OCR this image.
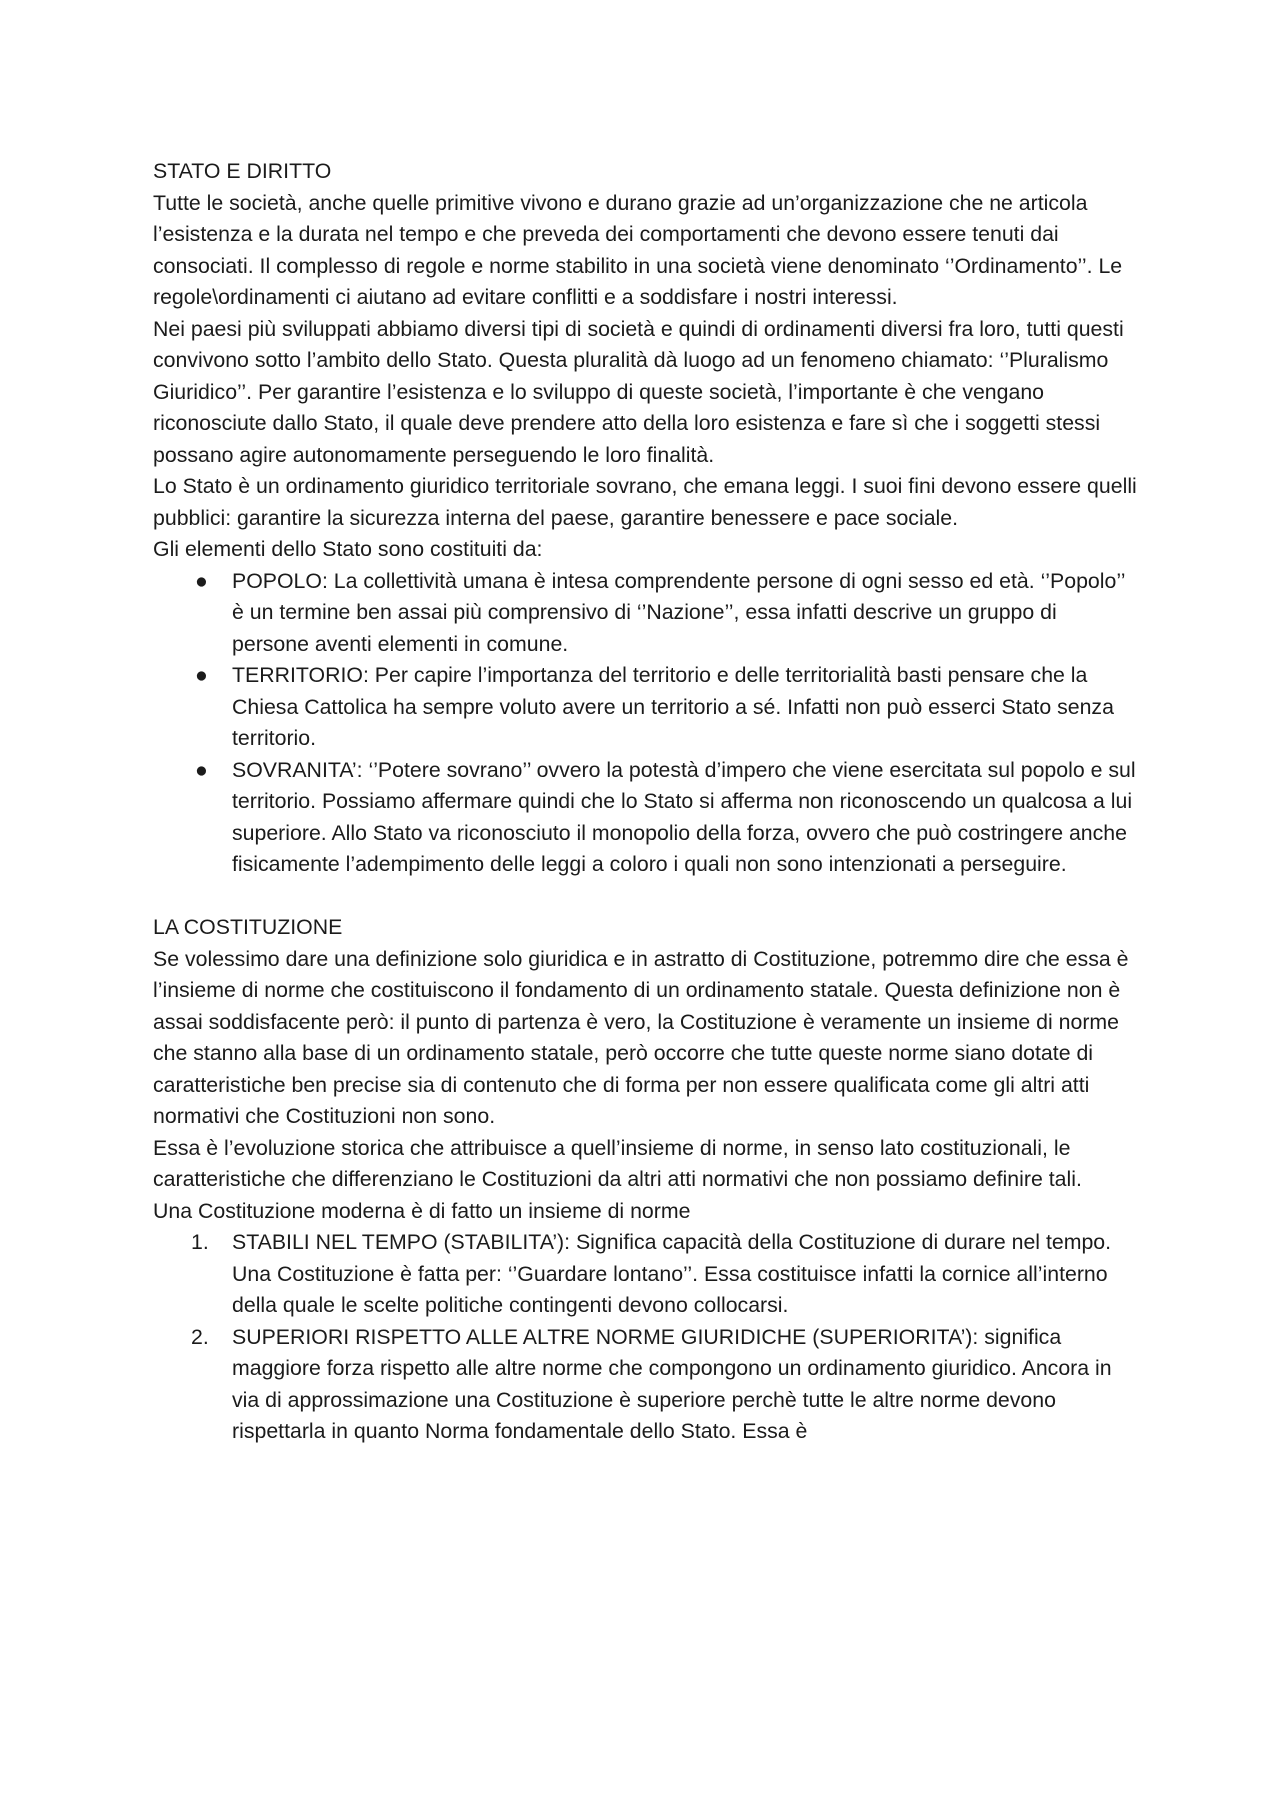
STATO E DIRITTO

Tutte le società, anche quelle primitive vivono e durano grazie ad un’organizzazione che ne articola l’esistenza e la durata nel tempo e che preveda dei comportamenti che devono essere tenuti dai consociati. Il complesso di regole e norme stabilito in una società viene denominato ‘’Ordinamento’’. Le regole\ordinamenti ci aiutano ad evitare conflitti e a soddisfare i nostri interessi.

Nei paesi più sviluppati abbiamo diversi tipi di società e quindi di ordinamenti diversi fra loro, tutti questi convivono sotto l’ambito dello Stato. Questa pluralità dà luogo ad un fenomeno chiamato: ‘’Pluralismo Giuridico’’. Per garantire l’esistenza e lo sviluppo di queste società, l’importante è che vengano riconosciute dallo Stato, il quale deve prendere atto della loro esistenza e fare sì che i soggetti stessi possano agire autonomamente perseguendo le loro finalità.

Lo Stato è un ordinamento giuridico territoriale sovrano, che emana leggi. I suoi fini devono essere quelli pubblici: garantire la sicurezza interna del paese, garantire benessere e pace sociale.

Gli elementi dello Stato sono costituiti da:

● POPOLO: La collettività umana è intesa comprendente persone di ogni sesso ed età. ‘’Popolo’’ è un termine ben assai più comprensivo di ‘’Nazione’’, essa infatti descrive un gruppo di persone aventi elementi in comune.
● TERRITORIO: Per capire l’importanza del territorio e delle territorialità basti pensare che la Chiesa Cattolica ha sempre voluto avere un territorio a sé. Infatti non può esserci Stato senza territorio.
● SOVRANITA’: ‘’Potere sovrano’’ ovvero la potestà d’impero che viene esercitata sul popolo e sul territorio. Possiamo affermare quindi che lo Stato si afferma non riconoscendo un qualcosa a lui superiore. Allo Stato va riconosciuto il monopolio della forza, ovvero che può costringere anche fisicamente l’adempimento delle leggi a coloro i quali non sono intenzionati a perseguire.
LA COSTITUZIONE

Se volessimo dare una definizione solo giuridica e in astratto di Costituzione, potremmo dire che essa è l’insieme di norme che costituiscono il fondamento di un ordinamento statale. Questa definizione non è assai soddisfacente però: il punto di partenza è vero, la Costituzione è veramente un insieme di norme che stanno alla base di un ordinamento statale, però occorre che tutte queste norme siano dotate di caratteristiche ben precise sia di contenuto che di forma per non essere qualificata come gli altri atti normativi che Costituzioni non sono.

Essa è l’evoluzione storica che attribuisce a quell’insieme di norme, in senso lato costituzionali, le caratteristiche che differenziano le Costituzioni da altri atti normativi che non possiamo definire tali.

Una Costituzione moderna è di fatto un insieme di norme

1. STABILI NEL TEMPO (STABILITA’): Significa capacità della Costituzione di durare nel tempo. Una Costituzione è fatta per: ‘’Guardare lontano’’. Essa costituisce infatti la cornice all’interno della quale le scelte politiche contingenti devono collocarsi.
2. SUPERIORI RISPETTO ALLE ALTRE NORME GIURIDICHE (SUPERIORITA’): significa maggiore forza rispetto alle altre norme che compongono un ordinamento giuridico. Ancora in via di approssimazione una Costituzione è superiore perchè tutte le altre norme devono rispettarla in quanto Norma fondamentale dello Stato. Essa è
